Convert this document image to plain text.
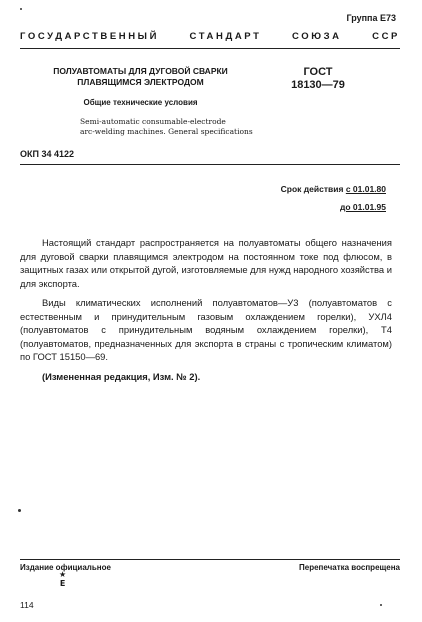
Группа Е73
ГОСУДАРСТВЕННЫЙ	СТАНДАРТ	СОЮЗА	ССР
ПОЛУАВТОМАТЫ ДЛЯ ДУГОВОЙ СВАРКИ
ПЛАВЯЩИМСЯ ЭЛЕКТРОДОМ
ГОСТ
18130—79
Общие технические условия
Semi-automatic consumable-electrode
arc-welding machines. General specifications
ОКП 34 4122
Срок действия с 01.01.80
до 01.01.95

Настоящий стандарт распространяется на полуавтоматы общего назначения для дуговой сварки плавящимся электродом на постоянном токе под флюсом, в защитных газах или открытой дугой, изготовляемые для нужд народного хозяйства и для экспорта.

Виды климатических исполнений полуавтоматов—У3 (полуавтоматов с естественным и принудительным газовым охлаждением горелки), УХЛ4 (полуавтоматов с принудительным водяным охлаждением горелки), Т4 (полуавтоматов, предназначенных для экспорта в страны с тропическим климатом) по ГОСТ 15150—69.

(Измененная редакция, Изм. № 2).

Издание официальное	Перепечатка воспрещена
★
Е
114
